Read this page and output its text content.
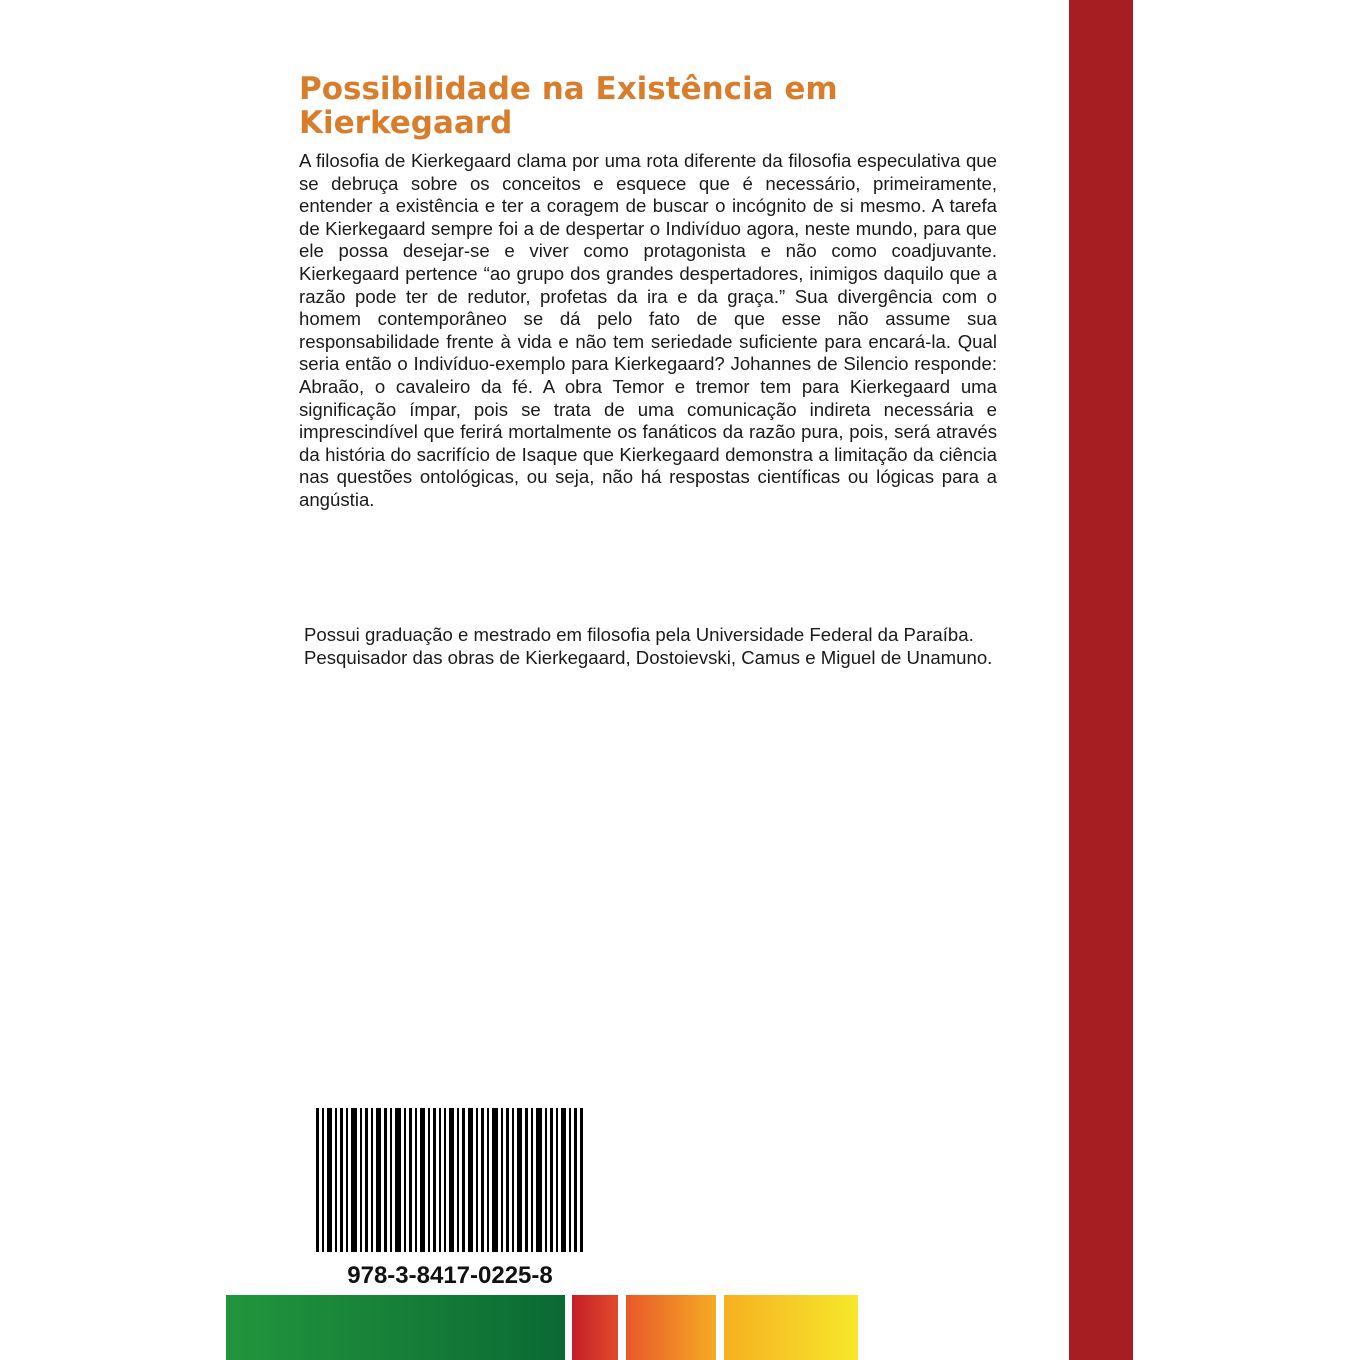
Possibilidade na Existência em Kierkegaard

A filosofia de Kierkegaard clama por uma rota diferente da filosofia especulativa que se debruça sobre os conceitos e esquece que é necessário, primeiramente, entender a existência e ter a coragem de buscar o incógnito de si mesmo. A tarefa de Kierkegaard sempre foi a de despertar o Indivíduo agora, neste mundo, para que ele possa desejar-se e viver como protagonista e não como coadjuvante. Kierkegaard pertence “ao grupo dos grandes despertadores, inimigos daquilo que a razão pode ter de redutor, profetas da ira e da graça.” Sua divergência com o homem contemporâneo se dá pelo fato de que esse não assume sua responsabilidade frente à vida e não tem seriedade suficiente para encará-la. Qual seria então o Indivíduo-exemplo para Kierkegaard? Johannes de Silencio responde: Abraão, o cavaleiro da fé. A obra Temor e tremor tem para Kierkegaard uma significação ímpar, pois se trata de uma comunicação indireta necessária e imprescindível que ferirá mortalmente os fanáticos da razão pura, pois, será através da história do sacrifício de Isaque que Kierkegaard demonstra a limitação da ciência nas questões ontológicas, ou seja, não há respostas científicas ou lógicas para a angústia.

Possui graduação e mestrado em filosofia pela Universidade Federal da Paraíba. Pesquisador das obras de Kierkegaard, Dostoievski, Camus e Miguel de Unamuno.

978-3-8417-0225-8
